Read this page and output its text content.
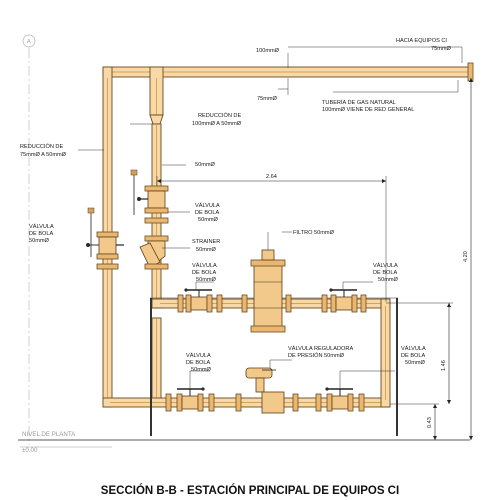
A
NIVEL DE PLANTA
±0.00
2.64
4.20
1.46
0.43
HACIA EQUIPOS CI
75mmØ
100mmØ
75mmØ
TUBERÍA DE GAS NATURAL
100mmØ VIENE DE RED GENERAL
REDUCCIÓN DE
100mmØ A 50mmØ
REDUCCIÓN DE
75mmØ A 50mmØ
50mmØ
VÁLVULA
DE BOLA
50mmØ
VÁLVULA
DE BOLA
50mmØ	STRAINER
50mmØ
FILTRO 50mmØ
VÁLVULA
DE BOLA
50mmØ
VÁLVULA
DE BOLA
50mmØ
VÁLVULA
DE BOLA
50mmØ
VÁLVULA REGULADORA
DE PRESIÓN 50mmØ
VÁLVULA
DE BOLA
50mmØ
SECCIÓN B-B - ESTACIÓN PRINCIPAL DE EQUIPOS CI
